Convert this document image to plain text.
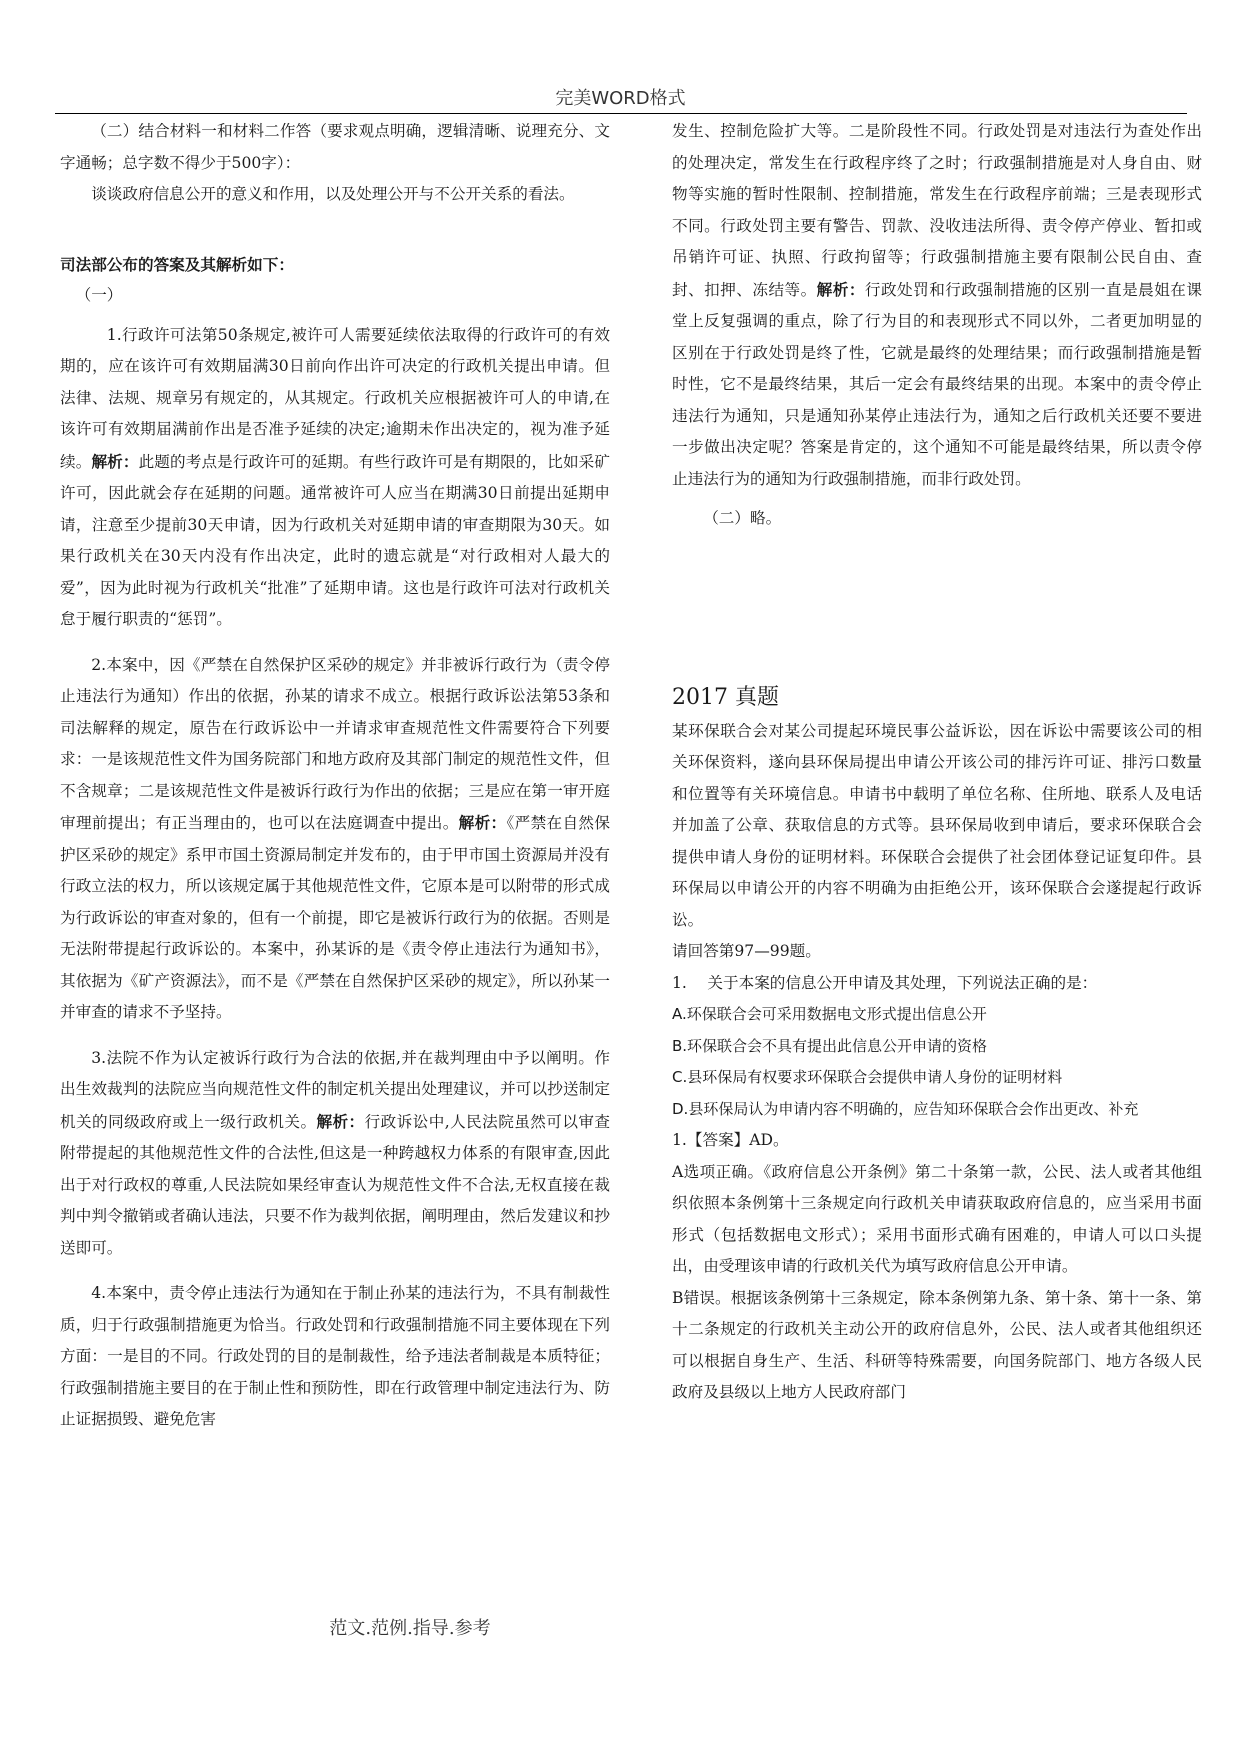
完美WORD格式

（二）结合材料一和材料二作答（要求观点明确，逻辑清晰、说理充分、文字通畅；总字数不得少于500字）：

谈谈政府信息公开的意义和作用，以及处理公开与不公开关系的看法。

司法部公布的答案及其解析如下：

（一）

1.行政许可法第50条规定,被许可人需要延续依法取得的行政许可的有效期的，应在该许可有效期届满30日前向作出许可决定的行政机关提出申请。但法律、法规、规章另有规定的，从其规定。行政机关应根据被许可人的申请,在该许可有效期届满前作出是否准予延续的决定;逾期未作出决定的，视为准予延续。解析：此题的考点是行政许可的延期。有些行政许可是有期限的，比如采矿许可，因此就会存在延期的问题。通常被许可人应当在期满30日前提出延期申请，注意至少提前30天申请，因为行政机关对延期申请的审查期限为30天。如果行政机关在30天内没有作出决定，此时的遗忘就是“对行政相对人最大的爱”，因为此时视为行政机关“批准”了延期申请。这也是行政许可法对行政机关怠于履行职责的“惩罚”。

2.本案中，因《严禁在自然保护区采砂的规定》并非被诉行政行为（责令停止违法行为通知）作出的依据，孙某的请求不成立。根据行政诉讼法第53条和司法解释的规定，原告在行政诉讼中一并请求审查规范性文件需要符合下列要求：一是该规范性文件为国务院部门和地方政府及其部门制定的规范性文件，但不含规章；二是该规范性文件是被诉行政行为作出的依据；三是应在第一审开庭审理前提出；有正当理由的，也可以在法庭调查中提出。解析：《严禁在自然保护区采砂的规定》系甲市国土资源局制定并发布的，由于甲市国土资源局并没有行政立法的权力，所以该规定属于其他规范性文件，它原本是可以附带的形式成为行政诉讼的审查对象的，但有一个前提，即它是被诉行政行为的依据。否则是无法附带提起行政诉讼的。本案中，孙某诉的是《责令停止违法行为通知书》，其依据为《矿产资源法》，而不是《严禁在自然保护区采砂的规定》，所以孙某一并审查的请求不予坚持。

3.法院不作为认定被诉行政行为合法的依据,并在裁判理由中予以阐明。作出生效裁判的法院应当向规范性文件的制定机关提出处理建议，并可以抄送制定机关的同级政府或上一级行政机关。解析：行政诉讼中,人民法院虽然可以审查附带提起的其他规范性文件的合法性,但这是一种跨越权力体系的有限审查,因此出于对行政权的尊重,人民法院如果经审查认为规范性文件不合法,无权直接在裁判中判令撤销或者确认违法，只要不作为裁判依据，阐明理由，然后发建议和抄送即可。

4.本案中，责令停止违法行为通知在于制止孙某的违法行为，不具有制裁性质，归于行政强制措施更为恰当。行政处罚和行政强制措施不同主要体现在下列方面：一是目的不同。行政处罚的目的是制裁性，给予违法者制裁是本质特征；行政强制措施主要目的在于制止性和预防性，即在行政管理中制定违法行为、防止证据损毁、避免危害

发生、控制危险扩大等。二是阶段性不同。行政处罚是对违法行为查处作出的处理决定，常发生在行政程序终了之时；行政强制措施是对人身自由、财物等实施的暂时性限制、控制措施，常发生在行政程序前端；三是表现形式不同。行政处罚主要有警告、罚款、没收违法所得、责令停产停业、暂扣或吊销许可证、执照、行政拘留等；行政强制措施主要有限制公民自由、查封、扣押、冻结等。解析：行政处罚和行政强制措施的区别一直是晨姐在课堂上反复强调的重点，除了行为目的和表现形式不同以外，二者更加明显的区别在于行政处罚是终了性，它就是最终的处理结果；而行政强制措施是暂时性，它不是最终结果，其后一定会有最终结果的出现。本案中的责令停止违法行为通知，只是通知孙某停止违法行为，通知之后行政机关还要不要进一步做出决定呢？答案是肯定的，这个通知不可能是最终结果，所以责令停止违法行为的通知为行政强制措施，而非行政处罚。

（二）略。

2017 真题

某环保联合会对某公司提起环境民事公益诉讼，因在诉讼中需要该公司的相关环保资料，遂向县环保局提出申请公开该公司的排污许可证、排污口数量和位置等有关环境信息。申请书中载明了单位名称、住所地、联系人及电话并加盖了公章、获取信息的方式等。县环保局收到申请后，要求环保联合会提供申请人身份的证明材料。环保联合会提供了社会团体登记证复印件。县环保局以申请公开的内容不明确为由拒绝公开，该环保联合会遂提起行政诉讼。

请回答第97—99题。

1.　 关于本案的信息公开申请及其处理，下列说法正确的是：

A.环保联合会可采用数据电文形式提出信息公开

B.环保联合会不具有提出此信息公开申请的资格

C.县环保局有权要求环保联合会提供申请人身份的证明材料

D.县环保局认为申请内容不明确的，应告知环保联合会作出更改、补充

1.【答案】AD。

A选项正确。《政府信息公开条例》第二十条第一款，公民、法人或者其他组织依照本条例第十三条规定向行政机关申请获取政府信息的，应当采用书面形式（包括数据电文形式）；采用书面形式确有困难的，申请人可以口头提出，由受理该申请的行政机关代为填写政府信息公开申请。

B错误。根据该条例第十三条规定，除本条例第九条、第十条、第十一条、第十二条规定的行政机关主动公开的政府信息外，公民、法人或者其他组织还可以根据自身生产、生活、科研等特殊需要，向国务院部门、地方各级人民政府及县级以上地方人民政府部门

范文.范例.指导.参考
